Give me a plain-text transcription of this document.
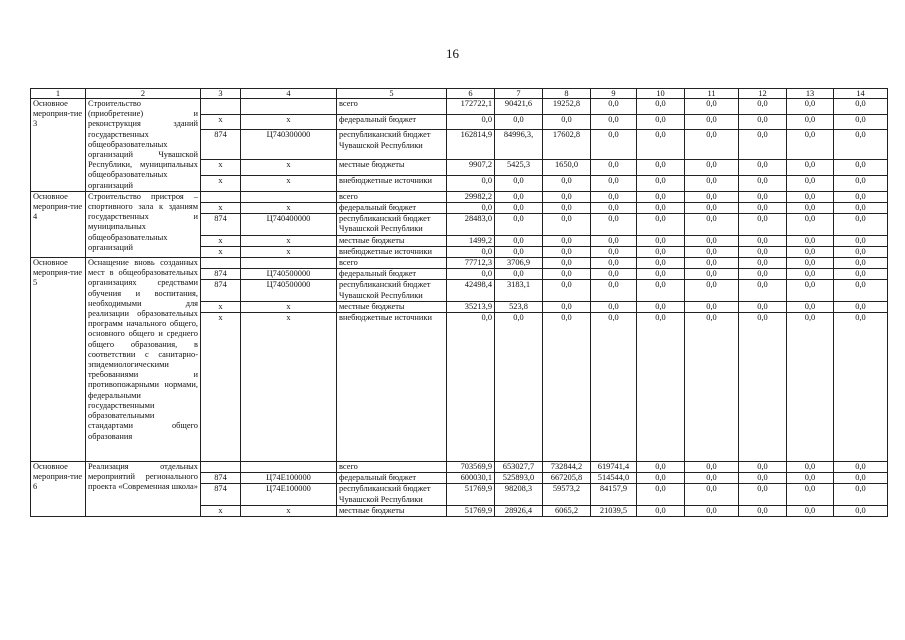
16
1	2	3	4	5	6	7	8	9	10	11	12	13	14
Основное мероприя-тие 3	Строительство (приобретение) и реконструкция зданий государственных общеобразовательных организаций Чувашской Республики, муниципальных общеобразовательных организаций			всего	172722,1	90421,6	19252,8	0,0	0,0	0,0	0,0	0,0	0,0
		х	х	федеральный бюджет	0,0	0,0	0,0	0,0	0,0	0,0	0,0	0,0	0,0
		874	Ц740300000	республиканский бюджет Чувашской Республики	162814,9	84996,3,	17602,8	0,0	0,0	0,0	0,0	0,0	0,0
		х	х	местные бюджеты	9907,2	5425,3	1650,0	0,0	0,0	0,0	0,0	0,0	0,0
		х	х	внебюджетные источники	0,0	0,0	0,0	0,0	0,0	0,0	0,0	0,0	0,0
Основное мероприя-тие 4	Строительство пристроя – спортивного зала к зданиям государственных и муниципальных общеобразовательных организаций			всего	29982,2	0,0	0,0	0,0	0,0	0,0	0,0	0,0	0,0
		х	х	федеральный бюджет	0,0	0,0	0,0	0,0	0,0	0,0	0,0	0,0	0,0
		874	Ц740400000	республиканский бюджет Чувашской Республики	28483,0	0,0	0,0	0,0	0,0	0,0	0,0	0,0	0,0
		х	х	местные бюджеты	1499,2	0,0	0,0	0,0	0,0	0,0	0,0	0,0	0,0
		х	х	внебюджетные источники	0,0	0,0	0,0	0,0	0,0	0,0	0,0	0,0	0,0
Основное мероприя-тие 5	Оснащение вновь созданных мест в общеобразовательных организациях средствами обучения и воспитания, необходимыми для реализации образовательных программ начального общего, основного общего и среднего общего образования, в соответствии с санитарно-эпидемиологическими требованиями и противопожарными нормами, федеральными государственными образовательными стандартами общего образования			всего	77712,3	3706,9	0,0	0,0	0,0	0,0	0,0	0,0	0,0
		874	Ц740500000	федеральный бюджет	0,0	0,0	0,0	0,0	0,0	0,0	0,0	0,0	0,0
		874	Ц740500000	республиканский бюджет Чувашской Республики	42498,4	3183,1	0,0	0,0	0,0	0,0	0,0	0,0	0,0
		х	х	местные бюджеты	35213,9	523,8	0,0	0,0	0,0	0,0	0,0	0,0	0,0
		х	х	внебюджетные источники	0,0	0,0	0,0	0,0	0,0	0,0	0,0	0,0	0,0
Основное мероприя-тие 6	Реализация отдельных мероприятий регионального проекта «Современная школа»			всего	703569,9	653027,7	732844,2	619741,4	0,0	0,0	0,0	0,0	0,0
		874	Ц74Е100000	федеральный бюджет	600030,1	525893,0	667205,8	514544,0	0,0	0,0	0,0	0,0	0,0
		874	Ц74Е100000	республиканский бюджет Чувашской Республики	51769,9	98208,3	59573,2	84157,9	0,0	0,0	0,0	0,0	0,0
		х	х	местные бюджеты	51769,9	28926,4	6065,2	21039,5	0,0	0,0	0,0	0,0	0,0
